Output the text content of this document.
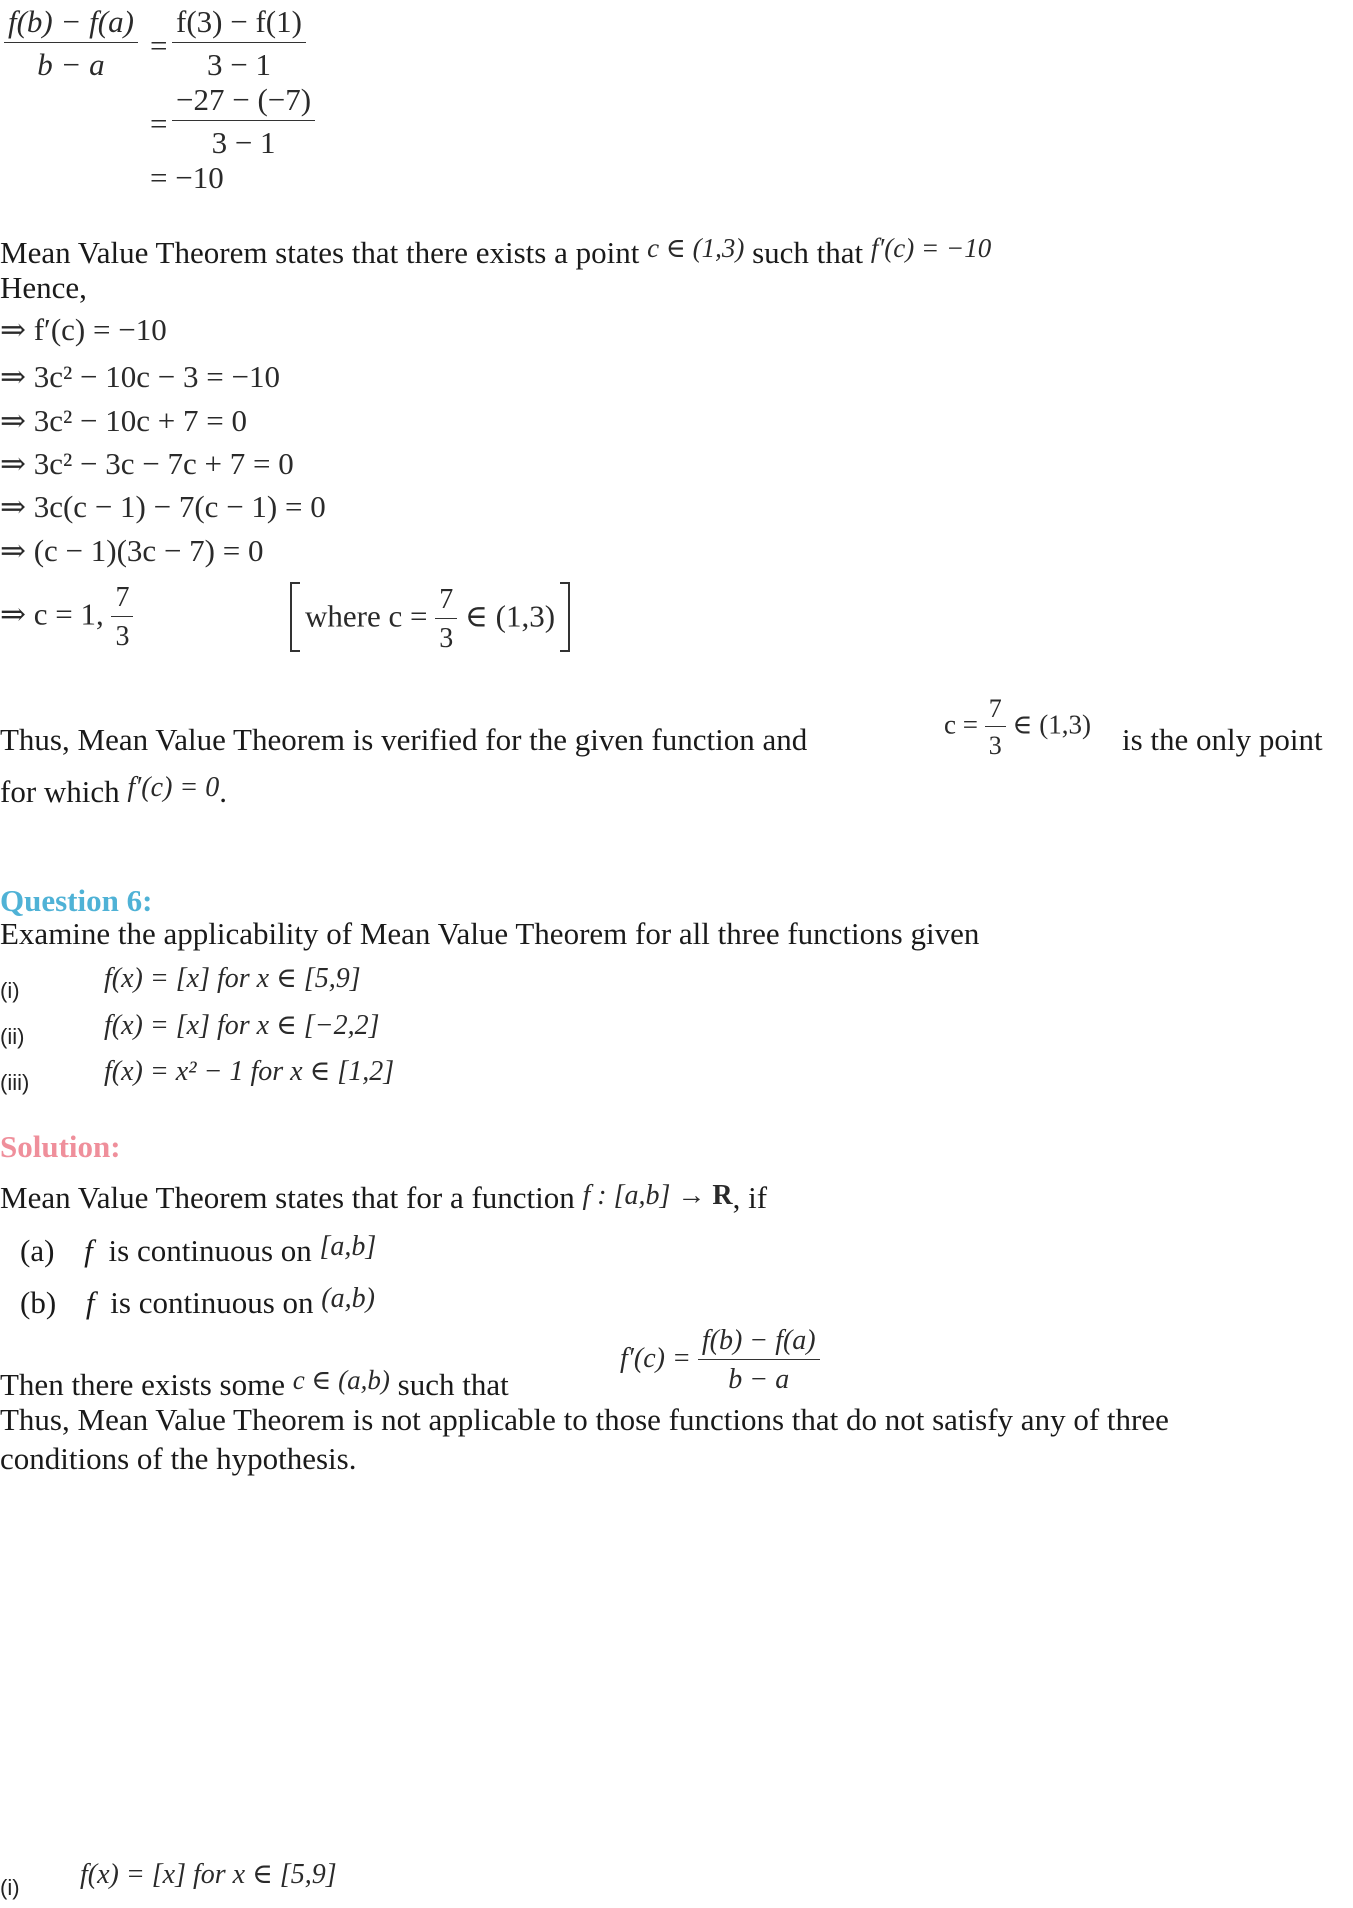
$\frac{f(b) - f(a)}{b - a} = \frac{f(3) - f(1)}{3 - 1}$
= $\frac{-27 - (-7)}{3 - 1}$
= −10
Mean Value Theorem states that there exists a point c ∈ (1,3) such that f′(c) = −10
Hence,
⇒ f′(c) = −10
⇒ 3c² − 10c − 3 = −10
⇒ 3c² − 10c + 7 = 0
⇒ 3c² − 3c − 7c + 7 = 0
⇒ 3c(c − 1) − 7(c − 1) = 0
⇒ (c − 1)(3c − 7) = 0
⇒ c = 1, $\frac{7}{3}$	where $c = \frac{7}{3}$ ∈ (1,3)
Thus, Mean Value Theorem is verified for the given function and	$c = \frac{7}{3}$ ∈ (1,3) is the only point
for which f′(c) = 0.
Question 6:
Examine the applicability of Mean Value Theorem for all three functions given
(i)	f(x) = [x] for x ∈ [5,9]
(ii)	f(x) = [x] for x ∈ [−2,2]
(iii)	f(x) = x² − 1 for x ∈ [1,2]
Solution:
Mean Value Theorem states that for a function f : [a,b] → R, if
(a) f is continuous on [a,b]
(b) f is continuous on (a,b)
Then there exists some c ∈ (a,b) such that
$f'(c) = \frac{f(b) - f(a)}{b - a}$
Thus, Mean Value Theorem is not applicable to those functions that do not satisfy any of three
conditions of the hypothesis.
(i) f(x) = [x] for x ∈ [5,9]
